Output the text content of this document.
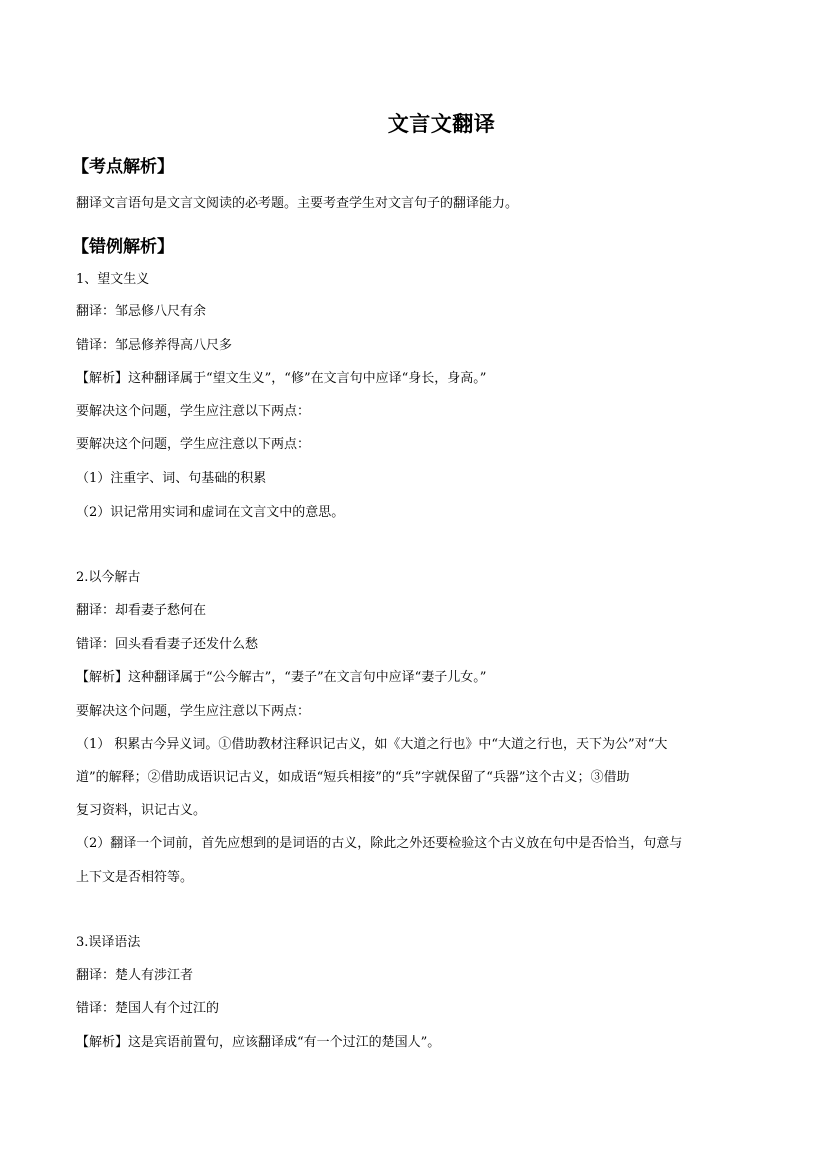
文言文翻译
【考点解析】
翻译文言语句是文言文阅读的必考题。主要考查学生对文言句子的翻译能力。
【错例解析】
1、望文生义
翻译：邹忌修八尺有余
错译：邹忌修养得高八尺多
【解析】这种翻译属于“望文生义”，“修”在文言句中应译“身长，身高。”
要解决这个问题，学生应注意以下两点：
要解决这个问题，学生应注意以下两点：
（1）注重字、词、句基础的积累
（2）识记常用实词和虚词在文言文中的意思。
2.以今解古
翻译：却看妻子愁何在
错译：回头看看妻子还发什么愁
【解析】这种翻译属于“公今解古”，“妻子”在文言句中应译“妻子儿女。”
要解决这个问题，学生应注意以下两点：
（1） 积累古今异义词。①借助教材注释识记古义，如《大道之行也》中“大道之行也，天下为公”对“大
道”的解释；②借助成语识记古义，如成语“短兵相接”的“兵”字就保留了“兵器”这个古义；③借助
复习资料，识记古义。
（2）翻译一个词前，首先应想到的是词语的古义，除此之外还要检验这个古义放在句中是否恰当，句意与
上下文是否相符等。
3.误译语法
翻译：楚人有涉江者
错译：楚国人有个过江的
【解析】这是宾语前置句，应该翻译成“有一个过江的楚国人”。
